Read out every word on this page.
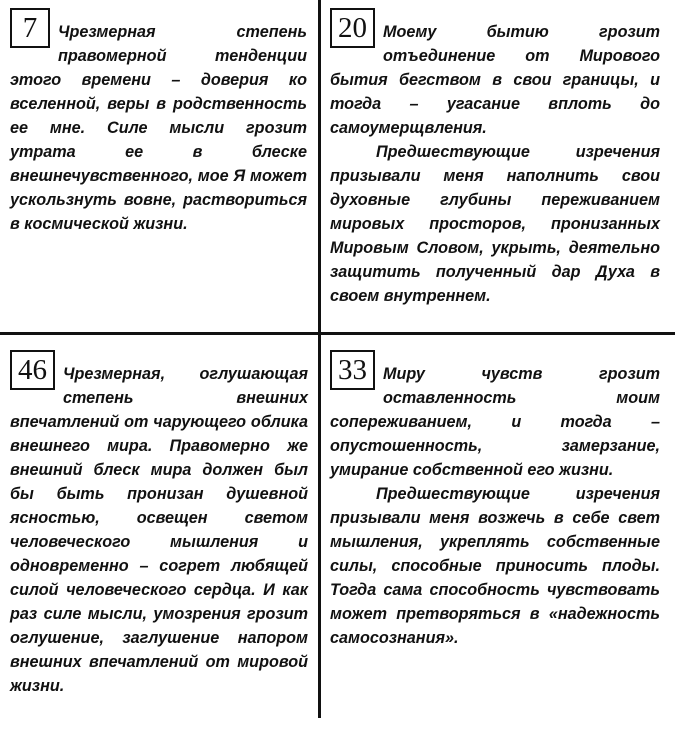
7	Чрезмерная степень правомерной тенденции этого времени – доверия ко вселенной, веры в родственность ее мне. Силе мысли грозит утрата ее в блеске внешнечувственного, мое Я может ускользнуть вовне, раствориться в космической жизни.

20 Моему бытию грозит отъединение от Мирового бытия бегством в свои границы, и тогда – угасание вплоть до самоумерщвления.

Предшествующие изречения призывали меня наполнить свои духовные глубины переживанием мировых просторов, пронизанных Мировым Словом, укрыть, деятельно защитить полученный дар Духа в своем внутреннем.

46 Чрезмерная, оглушающая степень внешних впечатлений от чарующего облика внешнего мира. Правомерно же внешний блеск мира должен был бы быть пронизан душевной ясностью, освещен светом человеческого мышления и одновременно – согрет любящей силой человеческого сердца. И как раз силе мысли, умозрения грозит оглушение, заглушение напором внешних впечатлений от мировой жизни.

33 Миру чувств грозит оставленность моим сопереживанием, и тогда – опустошенность, замерзание, умирание собственной его жизни.

Предшествующие изречения призывали меня возжечь в себе свет мышления, укреплять собственные силы, способные приносить плоды. Тогда сама способность чувствовать может претворяться в «надежность самосознания».
